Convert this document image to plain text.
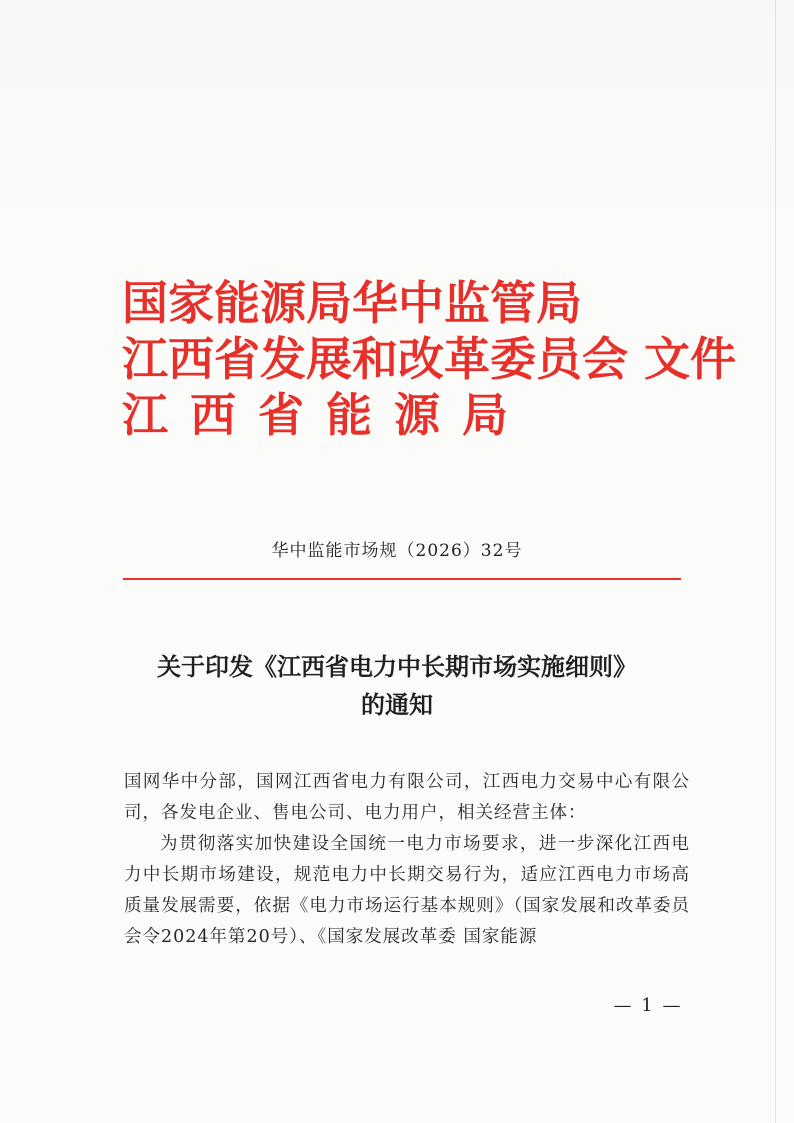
国家能源局华中监管局
江西省发展和改革委员会 文件
江西省能源局
华中监能市场规（2026）32号
关于印发《江西省电力中长期市场实施细则》
的通知

国网华中分部，国网江西省电力有限公司，江西电力交易中心有限公司，各发电企业、售电公司、电力用户，相关经营主体：

为贯彻落实加快建设全国统一电力市场要求，进一步深化江西电力中长期市场建设，规范电力中长期交易行为，适应江西电力市场高质量发展需要，依据《电力市场运行基本规则》（国家发展和改革委员会令2024年第20号）、《国家发展改革委 国家能源

— 1 —
